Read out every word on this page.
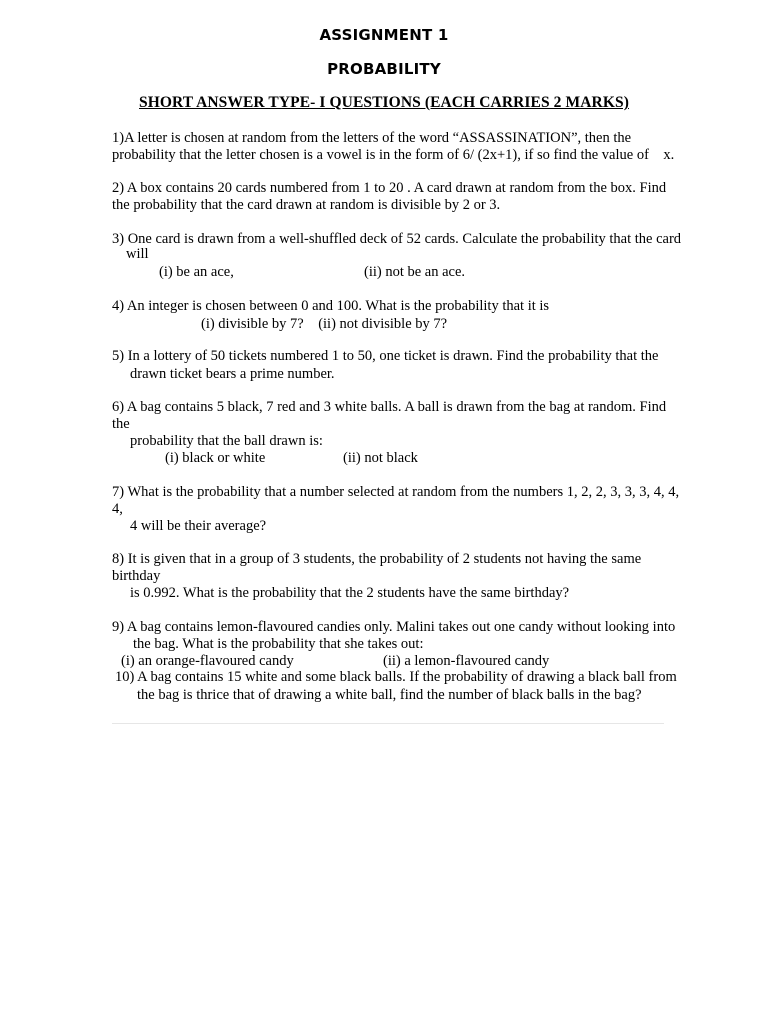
ASSIGNMENT 1
PROBABILITY
SHORT ANSWER TYPE- I QUESTIONS (EACH CARRIES 2 MARKS)
1)A letter is chosen at random from the letters of the word “ASSASSINATION”, then the
probability that the letter chosen is a vowel is in the form of 6/ (2x+1), if so find the value of    x.
2) A box contains 20 cards numbered from 1 to 20 . A card drawn at random from the box. Find
the probability that the card drawn at random is divisible by 2 or 3.
3) One card is drawn from a well-shuffled deck of 52 cards. Calculate the probability that the card
will
(i) be an ace,	(ii) not be an ace.
4) An integer is chosen between 0 and 100. What is the probability that it is
(i) divisible by 7?    (ii) not divisible by 7?
5) In a lottery of 50 tickets numbered 1 to 50, one ticket is drawn. Find the probability that the
drawn ticket bears a prime number.
6) A bag contains 5 black, 7 red and 3 white balls. A ball is drawn from the bag at random. Find
the
probability that the ball drawn is:
(i) black or white	(ii) not black
7) What is the probability that a number selected at random from the numbers 1, 2, 2, 3, 3, 3, 4, 4,
4,
4 will be their average?
8) It is given that in a group of 3 students, the probability of 2 students not having the same
birthday
is 0.992. What is the probability that the 2 students have the same birthday?
9) A bag contains lemon-flavoured candies only. Malini takes out one candy without looking into
the bag. What is the probability that she takes out:
(i) an orange-flavoured candy	(ii) a lemon-flavoured candy
10) A bag contains 15 white and some black balls. If the probability of drawing a black ball from
the bag is thrice that of drawing a white ball, find the number of black balls in the bag?
